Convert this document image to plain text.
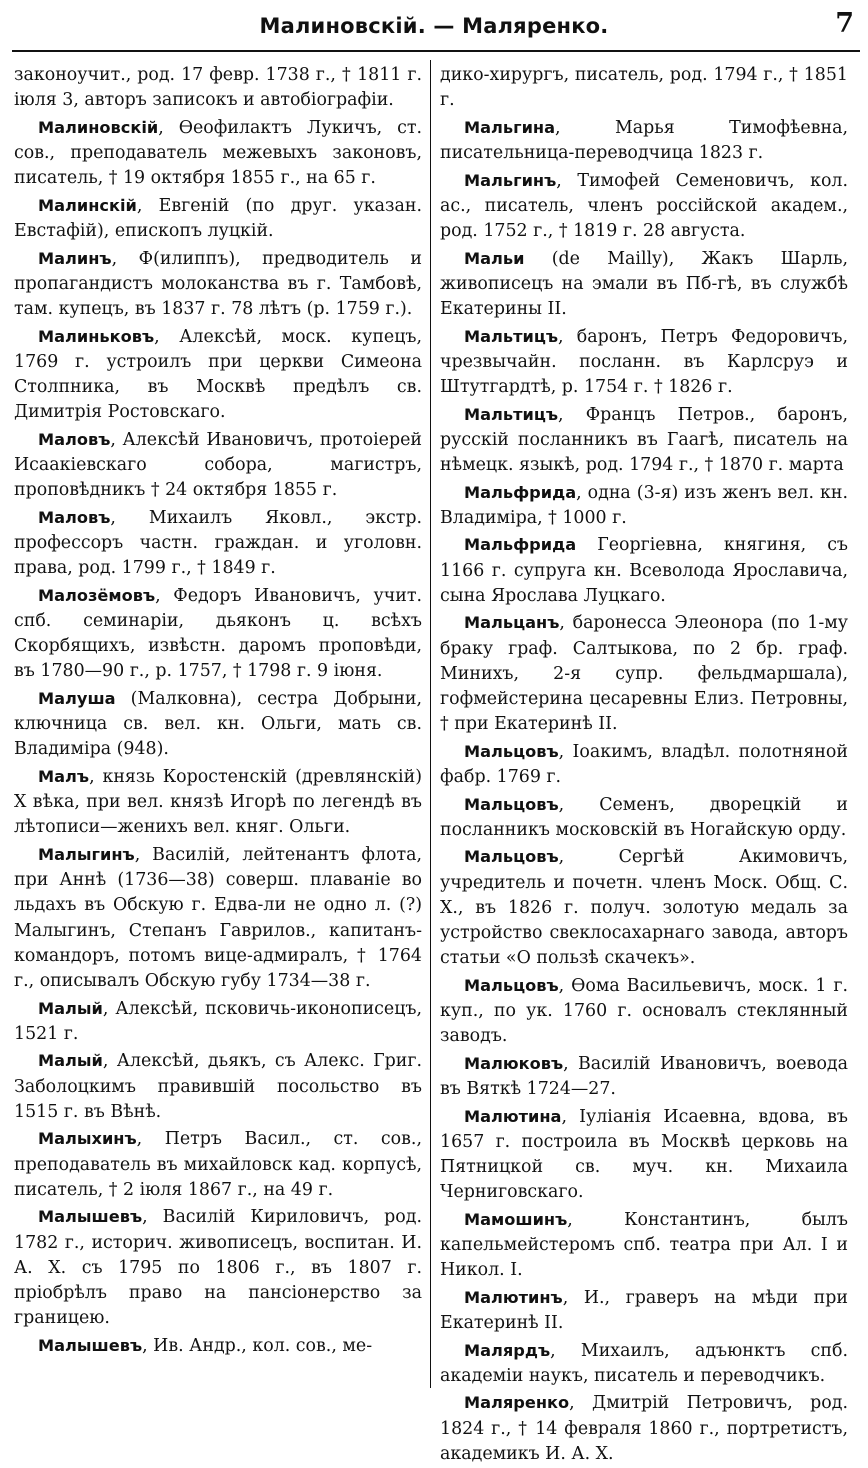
Малиновскій. — Маляренко.	7

законоучит., род. 17 февр. 1738 г., † 1811 г. іюля 3, авторъ записокъ и автобіографіи.

Малиновскій, Өеофилактъ Лукичъ, ст. сов., преподаватель межевыхъ законовъ, писатель, † 19 октября 1855 г., на 65 г.

Малинскій, Евгеній (по друг. указан. Евстафій), епископъ луцкій.

Малинъ, Ф(илиппъ), предводитель и пропагандистъ молоканства въ г. Тамбовѣ, там. купецъ, въ 1837 г. 78 лѣтъ (р. 1759 г.).

Малиньковъ, Алексѣй, моск. купецъ, 1769 г. устроилъ при церкви Симеона Столпника, въ Москвѣ предѣлъ св. Димитрія Ростовскаго.

Маловъ, Алексѣй Ивановичъ, протоіерей Исаакіевскаго собора, магистръ, проповѣдникъ † 24 октября 1855 г.

Маловъ, Михаилъ Яковл., экстр. профессоръ частн. граждан. и уголовн. права, род. 1799 г., † 1849 г.

Малозёмовъ, Федоръ Ивановичъ, учит. спб. семинаріи, дьяконъ ц. всѣхъ Скорбящихъ, извѣстн. даромъ проповѣди, въ 1780—90 г., р. 1757, † 1798 г. 9 іюня.

Малуша (Малковна), сестра Добрыни, ключница св. вел. кн. Ольги, мать св. Владиміра (948).

Малъ, князь Коростенскій (древлянскій) X вѣка, при вел. князѣ Игорѣ по легендѣ въ лѣтописи—женихъ вел. княг. Ольги.

Малыгинъ, Василій, лейтенантъ флота, при Аннѣ (1736—38) соверш. плаваніе во льдахъ въ Обскую г. Едва-ли не одно л. (?) Малыгинъ, Степанъ Гаврилов., капитанъ-командоръ, потомъ вице-адмиралъ, † 1764 г., описывалъ Обскую губу 1734—38 г.

Малый, Алексѣй, псковичь-иконописецъ, 1521 г.

Малый, Алексѣй, дьякъ, съ Алекс. Григ. Заболоцкимъ правившій посольство въ 1515 г. въ Вѣнѣ.

Малыхинъ, Петръ Васил., ст. сов., преподаватель въ михайловск кад. корпусѣ, писатель, † 2 іюля 1867 г., на 49 г.

Малышевъ, Василій Кириловичъ, род. 1782 г., историч. живописецъ, воспитан. И. А. Х. съ 1795 по 1806 г., въ 1807 г. пріобрѣлъ право на пансіонерство за границею.

Малышевъ, Ив. Андр., кол. сов., ме-

дико-хирургъ, писатель, род. 1794 г., † 1851 г.

Мальгина, Марья Тимофѣевна, писательница-переводчица 1823 г.

Мальгинъ, Тимофей Семеновичъ, кол. ас., писатель, членъ россійской академ., род. 1752 г., † 1819 г. 28 августа.

Мальи (de Mailly), Жакъ Шарль, живописецъ на эмали въ Пб-гѣ, въ службѣ Екатерины II.

Мальтицъ, баронъ, Петръ Федоровичъ, чрезвычайн. посланн. въ Карлсруэ и Штутгардтѣ, р. 1754 г. † 1826 г.

Мальтицъ, Францъ Петров., баронъ, русскій посланникъ въ Гаагѣ, писатель на нѣмецк. языкѣ, род. 1794 г., † 1870 г. марта

Мальфрида, одна (3-я) изъ женъ вел. кн. Владиміра, † 1000 г.

Мальфрида Георгіевна, княгиня, съ 1166 г. супруга кн. Всеволода Ярославича, сына Ярослава Луцкаго.

Мальцанъ, баронесса Элеонора (по 1-му браку граф. Салтыкова, по 2 бр. граф. Минихъ, 2-я супр. фельдмаршала), гофмейстерина цесаревны Елиз. Петровны, † при Екатеринѣ II.

Мальцовъ, Іоакимъ, владѣл. полотняной фабр. 1769 г.

Мальцовъ, Семенъ, дворецкій и посланникъ московскій въ Ногайскую орду.

Мальцовъ, Сергѣй Акимовичъ, учредитель и почетн. членъ Моск. Общ. С. Х., въ 1826 г. получ. золотую медаль за устройство свеклосахарнаго завода, авторъ статьи «О пользѣ скачекъ».

Мальцовъ, Өома Васильевичъ, моск. 1 г. куп., по ук. 1760 г. основалъ стеклянный заводъ.

Малюковъ, Василій Ивановичъ, воевода въ Вяткѣ 1724—27.

Малютина, Іуліанія Исаевна, вдова, въ 1657 г. построила въ Москвѣ церковь на Пятницкой св. муч. кн. Михаила Черниговскаго.

Мамошинъ, Константинъ, былъ капельмейстеромъ спб. театра при Ал. I и Никол. I.

Малютинъ, И., граверъ на мѣди при Екатеринѣ II.

Малярдъ, Михаилъ, адъюнктъ спб. академіи наукъ, писатель и переводчикъ.

Маляренко, Дмитрій Петровичъ, род. 1824 г., † 14 февраля 1860 г., портретистъ, академикъ И. А. Х.
